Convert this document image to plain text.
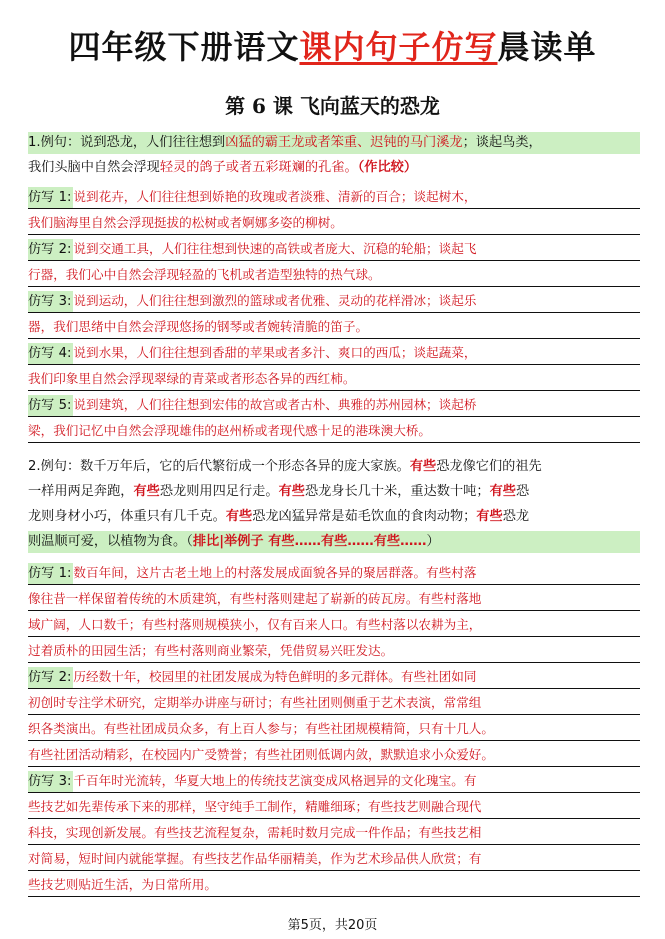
四年级下册语文课内句子仿写晨读单
第 6 课 飞向蓝天的恐龙
1.例句：说到恐龙，人们往往想到凶猛的霸王龙或者笨重、迟钝的马门溪龙；谈起鸟类，
我们头脑中自然会浮现轻灵的鸽子或者五彩斑斓的孔雀。（作比较）
仿写 1: 说到花卉，人们往往想到娇艳的玫瑰或者淡雅、清新的百合；谈起树木，
我们脑海里自然会浮现挺拔的松树或者婀娜多姿的柳树。
仿写 2: 说到交通工具，人们往往想到快速的高铁或者庞大、沉稳的轮船；谈起飞
行器，我们心中自然会浮现轻盈的飞机或者造型独特的热气球。
仿写 3: 说到运动，人们往往想到激烈的篮球或者优雅、灵动的花样滑冰；谈起乐
器，我们思绪中自然会浮现悠扬的钢琴或者婉转清脆的笛子。
仿写 4: 说到水果，人们往往想到香甜的苹果或者多汁、爽口的西瓜；谈起蔬菜，
我们印象里自然会浮现翠绿的青菜或者形态各异的西红柿。
仿写 5: 说到建筑，人们往往想到宏伟的故宫或者古朴、典雅的苏州园林；谈起桥
梁，我们记忆中自然会浮现雄伟的赵州桥或者现代感十足的港珠澳大桥。
2.例句：数千万年后，它的后代繁衍成一个形态各异的庞大家族。有些恐龙像它们的祖先
一样用两足奔跑，有些恐龙则用四足行走。有些恐龙身长几十米，重达数十吨；有些恐
龙则身材小巧，体重只有几千克。有些恐龙凶猛异常是茹毛饮血的食肉动物；有些恐龙
则温顺可爱，以植物为食。（排比|举例子 有些……有些……有些……）
仿写 1: 数百年间，这片古老土地上的村落发展成面貌各异的聚居群落。有些村落
像往昔一样保留着传统的木质建筑，有些村落则建起了崭新的砖瓦房。有些村落地
域广阔，人口数千；有些村落则规模狭小，仅有百来人口。有些村落以农耕为主，
过着质朴的田园生活；有些村落则商业繁荣，凭借贸易兴旺发达。
仿写 2: 历经数十年，校园里的社团发展成为特色鲜明的多元群体。有些社团如同
初创时专注学术研究，定期举办讲座与研讨；有些社团则侧重于艺术表演，常常组
织各类演出。有些社团成员众多，有上百人参与；有些社团规模精简，只有十几人。
有些社团活动精彩，在校园内广受赞誉；有些社团则低调内敛，默默追求小众爱好。
仿写 3: 千百年时光流转，华夏大地上的传统技艺演变成风格迥异的文化瑰宝。有
些技艺如先辈传承下来的那样，坚守纯手工制作，精雕细琢；有些技艺则融合现代
科技，实现创新发展。有些技艺流程复杂，需耗时数月完成一件作品；有些技艺相
对简易，短时间内就能掌握。有些技艺作品华丽精美，作为艺术珍品供人欣赏；有
些技艺则贴近生活，为日常所用。
第5页，共20页
